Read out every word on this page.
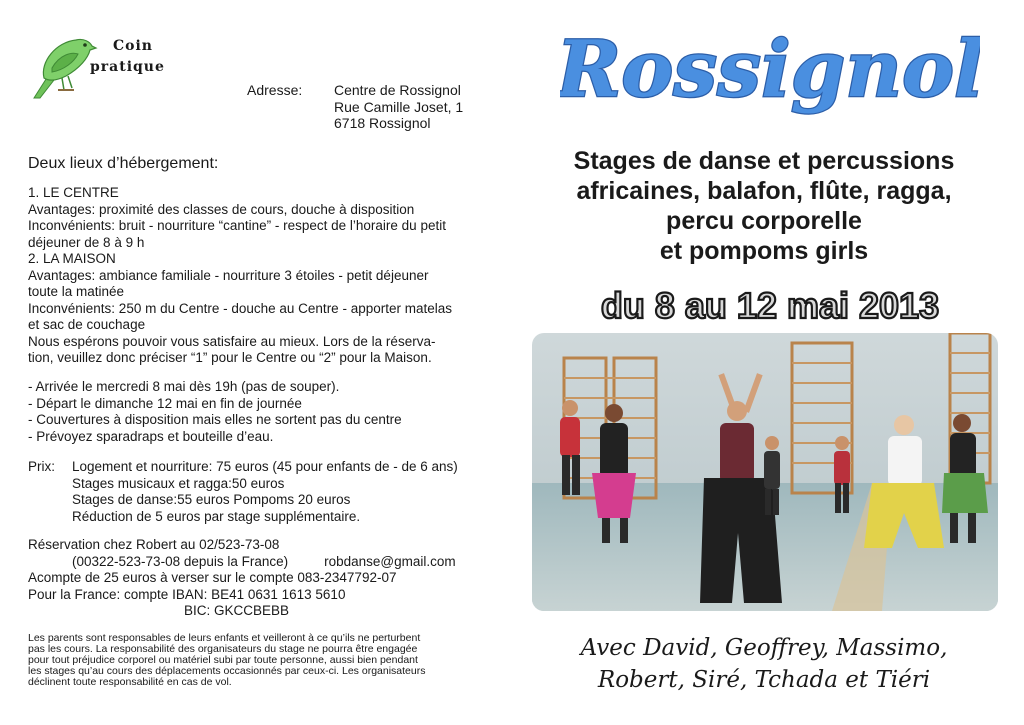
Coin
pratique
Adresse: Centre de Rossignol
Rue Camille Joset, 1
6718 Rossignol
Deux lieux d’hébergement:
1. LE CENTRE
Avantages: proximité des classes de cours, douche à disposition
Inconvénients: bruit - nourriture “cantine” - respect de l’horaire du petit
déjeuner de 8 à 9 h
2. LA MAISON
Avantages: ambiance familiale - nourriture 3 étoiles - petit déjeuner
toute la matinée
Inconvénients: 250 m du Centre - douche au Centre - apporter matelas
et sac de couchage
Nous espérons pouvoir vous satisfaire au mieux. Lors de la réserva-
tion, veuillez donc préciser “1” pour le Centre ou “2” pour la Maison.
- Arrivée le mercredi 8 mai dès 19h (pas de souper).
- Départ le dimanche 12 mai en fin de journée
- Couvertures à disposition mais elles ne sortent pas du centre
- Prévoyez sparadraps et bouteille d’eau.
Prix: Logement et nourriture: 75 euros (45 pour enfants de - de 6 ans)
Stages musicaux et ragga:50 euros
Stages de danse:55 euros Pompoms 20 euros
Réduction de 5 euros par stage supplémentaire.
Réservation chez Robert au 02/523-73-08
(00322-523-73-08 depuis la France)	robdanse@gmail.com
Acompte de 25 euros à verser sur le compte 083-2347792-07
Pour la France: compte IBAN: BE41 0631 1613 5610
BIC: GKCCBEBB
Les parents sont responsables de leurs enfants et veilleront à ce qu’ils ne perturbent
pas les cours. La responsabilité des organisateurs du stage ne pourra être engagée
pour tout préjudice corporel ou matériel subi par toute personne, aussi bien pendant
les stages qu’au cours des déplacements occasionnés par ceux-ci. Les organisateurs
déclinent toute responsabilité en cas de vol.
Rossignol
Stages de danse et percussions
africaines, balafon, flûte, ragga,
percu corporelle
et pompoms girls
du 8 au 12 mai 2013
Avec David, Geoffrey, Massimo,
Robert, Siré, Tchada et Tiéri
